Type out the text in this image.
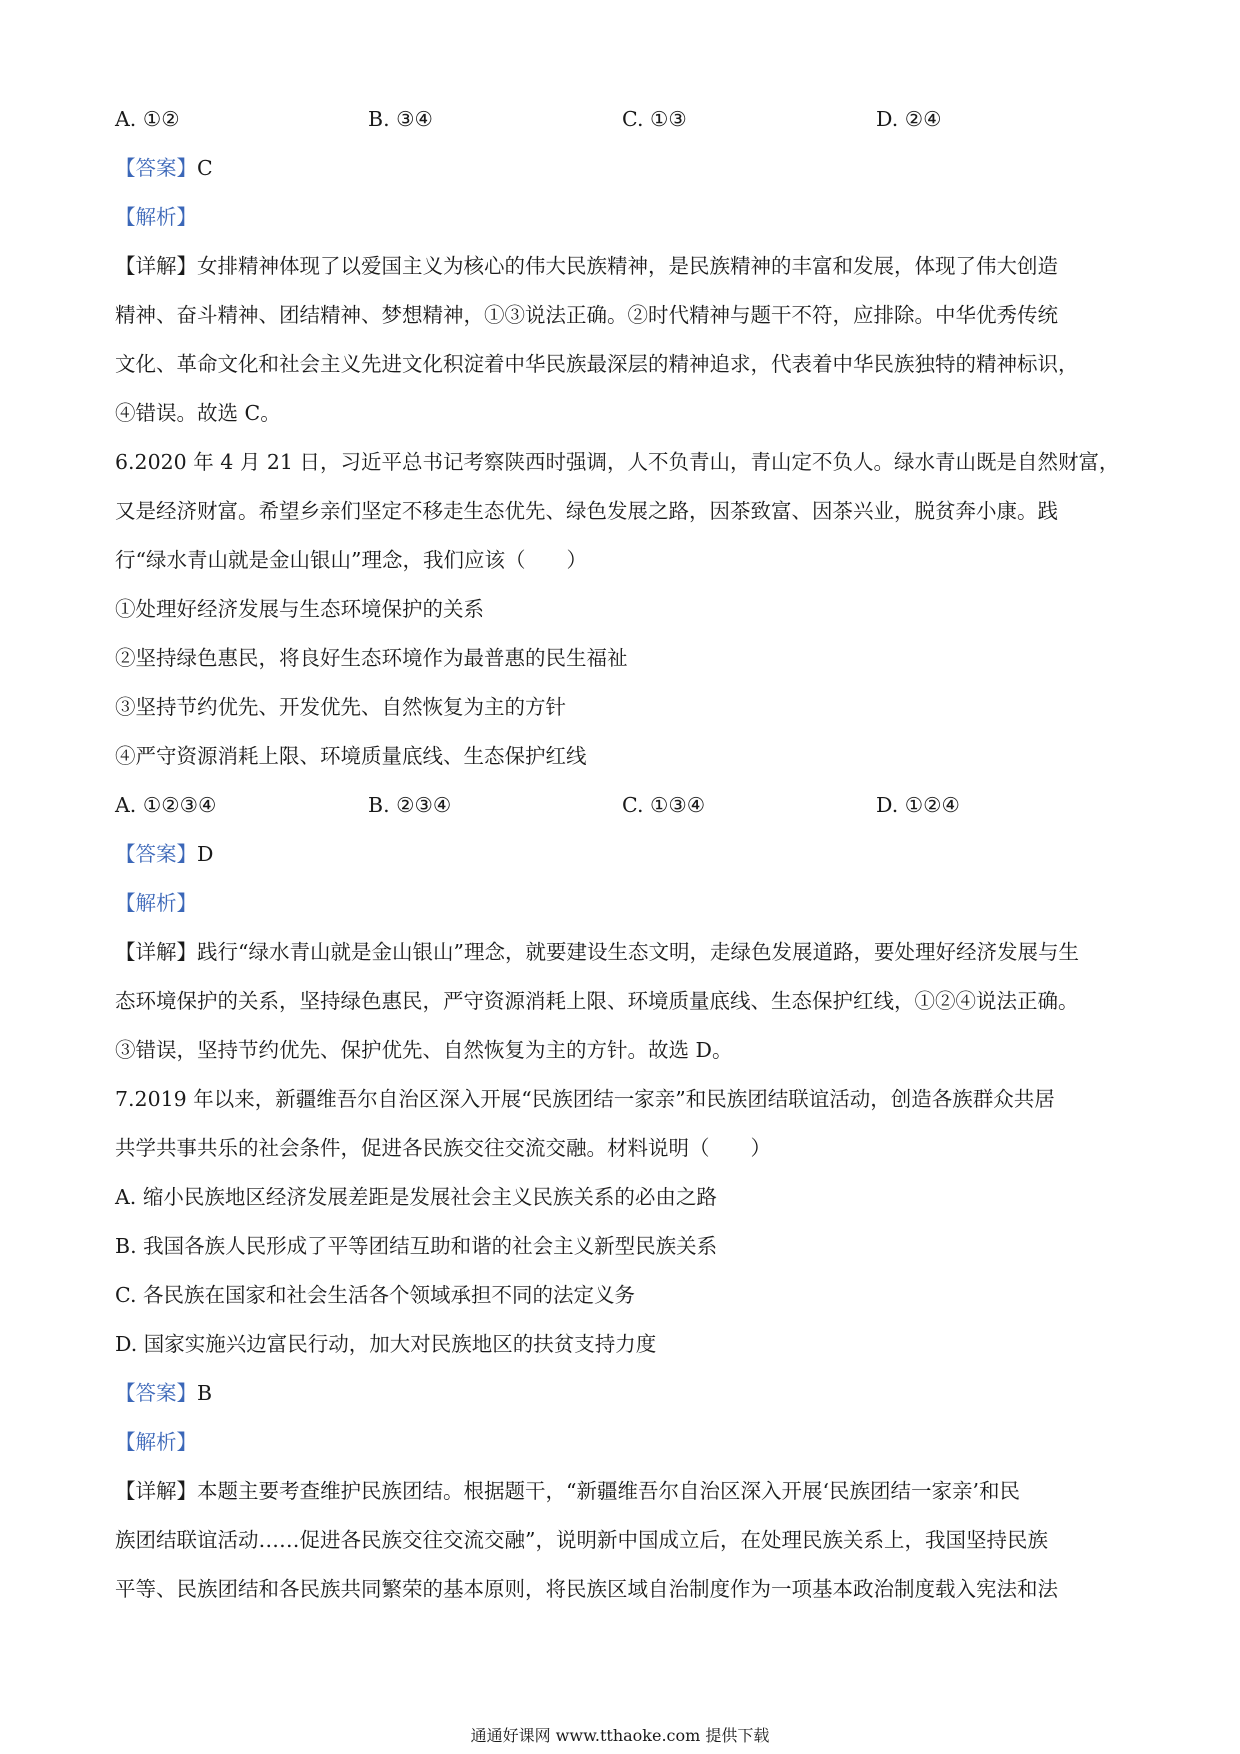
A. ①②	B. ③④	C. ①③	D. ②④
【答案】C
【解析】
【详解】女排精神体现了以爱国主义为核心的伟大民族精神，是民族精神的丰富和发展，体现了伟大创造
精神、奋斗精神、团结精神、梦想精神，①③说法正确。②时代精神与题干不符，应排除。中华优秀传统
文化、革命文化和社会主义先进文化积淀着中华民族最深层的精神追求，代表着中华民族独特的精神标识，
④错误。故选 C。
6.2020 年 4 月 21 日，习近平总书记考察陕西时强调，人不负青山，青山定不负人。绿水青山既是自然财富，
又是经济财富。希望乡亲们坚定不移走生态优先、绿色发展之路，因茶致富、因茶兴业，脱贫奔小康。践
行“绿水青山就是金山银山”理念，我们应该（　　）
①处理好经济发展与生态环境保护的关系
②坚持绿色惠民，将良好生态环境作为最普惠的民生福祉
③坚持节约优先、开发优先、自然恢复为主的方针
④严守资源消耗上限、环境质量底线、生态保护红线
A. ①②③④	B. ②③④	C. ①③④	D. ①②④
【答案】D
【解析】
【详解】践行“绿水青山就是金山银山”理念，就要建设生态文明，走绿色发展道路，要处理好经济发展与生
态环境保护的关系，坚持绿色惠民，严守资源消耗上限、环境质量底线、生态保护红线，①②④说法正确。
③错误，坚持节约优先、保护优先、自然恢复为主的方针。故选 D。
7.2019 年以来，新疆维吾尔自治区深入开展“民族团结一家亲”和民族团结联谊活动，创造各族群众共居
共学共事共乐的社会条件，促进各民族交往交流交融。材料说明（　　）
A. 缩小民族地区经济发展差距是发展社会主义民族关系的必由之路
B. 我国各族人民形成了平等团结互助和谐的社会主义新型民族关系
C. 各民族在国家和社会生活各个领域承担不同的法定义务
D. 国家实施兴边富民行动，加大对民族地区的扶贫支持力度
【答案】B
【解析】
【详解】本题主要考查维护民族团结。根据题干，“新疆维吾尔自治区深入开展‘民族团结一家亲’和民
族团结联谊活动……促进各民族交往交流交融”，说明新中国成立后，在处理民族关系上，我国坚持民族
平等、民族团结和各民族共同繁荣的基本原则，将民族区域自治制度作为一项基本政治制度载入宪法和法
通通好课网 www.tthaoke.com 提供下载
